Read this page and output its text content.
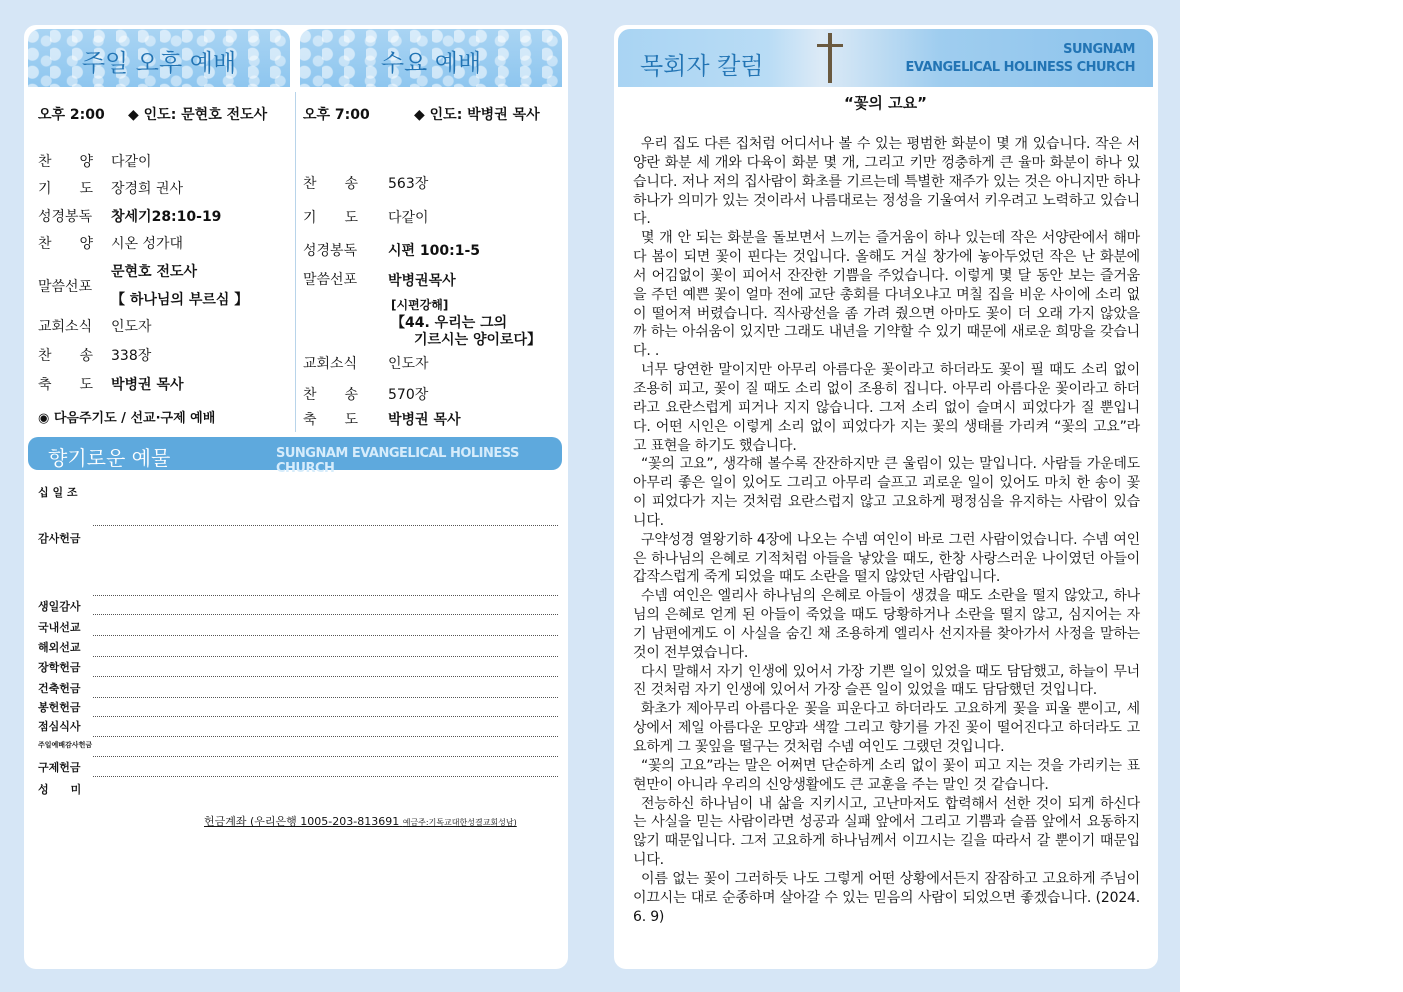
주일 오후 예배	수요 예배
오후 2:00 ◆ 인도: 문현호 전도사
찬　　양 다같이
기　　도 장경희 권사
성경봉독 창세기28:10-19
찬　　양 시온 성가대
말씀선포
문현호 전도사
【 하나님의 부르심 】
교회소식 인도자
찬　　송 338장
축　　도 박병권 목사
◉ 다음주기도 / 선교·구제 예배
오후 7:00	◆ 인도: 박병권 목사
찬　　송 563장
기　　도 다같이
성경봉독 시편 100:1-5
말씀선포 박병권목사
[시편강해]
【44. 우리는 그의
기르시는 양이로다】
교회소식 인도자
찬　　송 570장
축　　도 박병권 목사
향기로운 예물	SUNGNAM EVANGELICAL HOLINESS CHURCH
십 일 조
감사헌금
생일감사
국내선교
해외선교
장학헌금
건축헌금
봉헌헌금
점심식사
주일예배감사헌금
구제헌금
성　　미
헌금계좌 (우리은행 1005-203-813691 예금주:기독교대한성결교회성남)
목회자 칼럼
SUNGNAM
EVANGELICAL HOLINESS CHURCH
“꽃의 고요”

우리 집도 다른 집처럼 어디서나 볼 수 있는 평범한 화분이 몇 개 있습니다. 작은 서양란 화분 세 개와 다육이 화분 몇 개, 그리고 키만 껑충하게 큰 율마 화분이 하나 있습니다. 저나 저의 집사람이 화초를 기르는데 특별한 재주가 있는 것은 아니지만 하나하나가 의미가 있는 것이라서 나름대로는 정성을 기울여서 키우려고 노력하고 있습니다.

몇 개 안 되는 화분을 돌보면서 느끼는 즐거움이 하나 있는데 작은 서양란에서 해마다 봄이 되면 꽃이 핀다는 것입니다. 올해도 거실 창가에 놓아두었던 작은 난 화분에서 어김없이 꽃이 피어서 잔잔한 기쁨을 주었습니다. 이렇게 몇 달 동안 보는 즐거움을 주던 예쁜 꽃이 얼마 전에 교단 총회를 다녀오냐고 며칠 집을 비운 사이에 소리 없이 떨어져 버렸습니다. 직사광선을 좀 가려 줬으면 아마도 꽃이 더 오래 가지 않았을까 하는 아쉬움이 있지만 그래도 내년을 기약할 수 있기 때문에 새로운 희망을 갖습니다. .

너무 당연한 말이지만 아무리 아름다운 꽃이라고 하더라도 꽃이 필 때도 소리 없이 조용히 피고, 꽃이 질 때도 소리 없이 조용히 집니다. 아무리 아름다운 꽃이라고 하더라고 요란스럽게 피거나 지지 않습니다. 그저 소리 없이 슬며시 피었다가 질 뿐입니다. 어떤 시인은 이렇게 소리 없이 피었다가 지는 꽃의 생태를 가리켜 “꽃의 고요”라고 표현을 하기도 했습니다.

“꽃의 고요”, 생각해 볼수록 잔잔하지만 큰 울림이 있는 말입니다. 사람들 가운데도 아무리 좋은 일이 있어도 그리고 아무리 슬프고 괴로운 일이 있어도 마치 한 송이 꽃이 피었다가 지는 것처럼 요란스럽지 않고 고요하게 평정심을 유지하는 사람이 있습니다.

구약성경 열왕기하 4장에 나오는 수넴 여인이 바로 그런 사람이었습니다. 수넴 여인은 하나님의 은혜로 기적처럼 아들을 낳았을 때도, 한창 사랑스러운 나이였던 아들이 갑작스럽게 죽게 되었을 때도 소란을 떨지 않았던 사람입니다.

수넴 여인은 엘리사 하나님의 은혜로 아들이 생겼을 때도 소란을 떨지 않았고, 하나님의 은혜로 얻게 된 아들이 죽었을 때도 당황하거나 소란을 떨지 않고, 심지어는 자기 남편에게도 이 사실을 숨긴 채 조용하게 엘리사 선지자를 찾아가서 사정을 말하는 것이 전부였습니다.

다시 말해서 자기 인생에 있어서 가장 기쁜 일이 있었을 때도 담담했고, 하늘이 무너진 것처럼 자기 인생에 있어서 가장 슬픈 일이 있었을 때도 담담했던 것입니다.

화초가 제아무리 아름다운 꽃을 피운다고 하더라도 고요하게 꽃을 피울 뿐이고, 세상에서 제일 아름다운 모양과 색깔 그리고 향기를 가진 꽃이 떨어진다고 하더라도 고요하게 그 꽃잎을 떨구는 것처럼 수넴 여인도 그랬던 것입니다.

“꽃의 고요”라는 말은 어쩌면 단순하게 소리 없이 꽃이 피고 지는 것을 가리키는 표현만이 아니라 우리의 신앙생활에도 큰 교훈을 주는 말인 것 같습니다.

전능하신 하나님이 내 삶을 지키시고, 고난마저도 합력해서 선한 것이 되게 하신다는 사실을 믿는 사람이라면 성공과 실패 앞에서 그리고 기쁨과 슬픔 앞에서 요동하지 않기 때문입니다. 그저 고요하게 하나님께서 이끄시는 길을 따라서 갈 뿐이기 때문입니다.

이름 없는 꽃이 그러하듯 나도 그렇게 어떤 상황에서든지 잠잠하고 고요하게 주님이 이끄시는 대로 순종하며 살아갈 수 있는 믿음의 사람이 되었으면 좋겠습니다. (2024. 6. 9)
